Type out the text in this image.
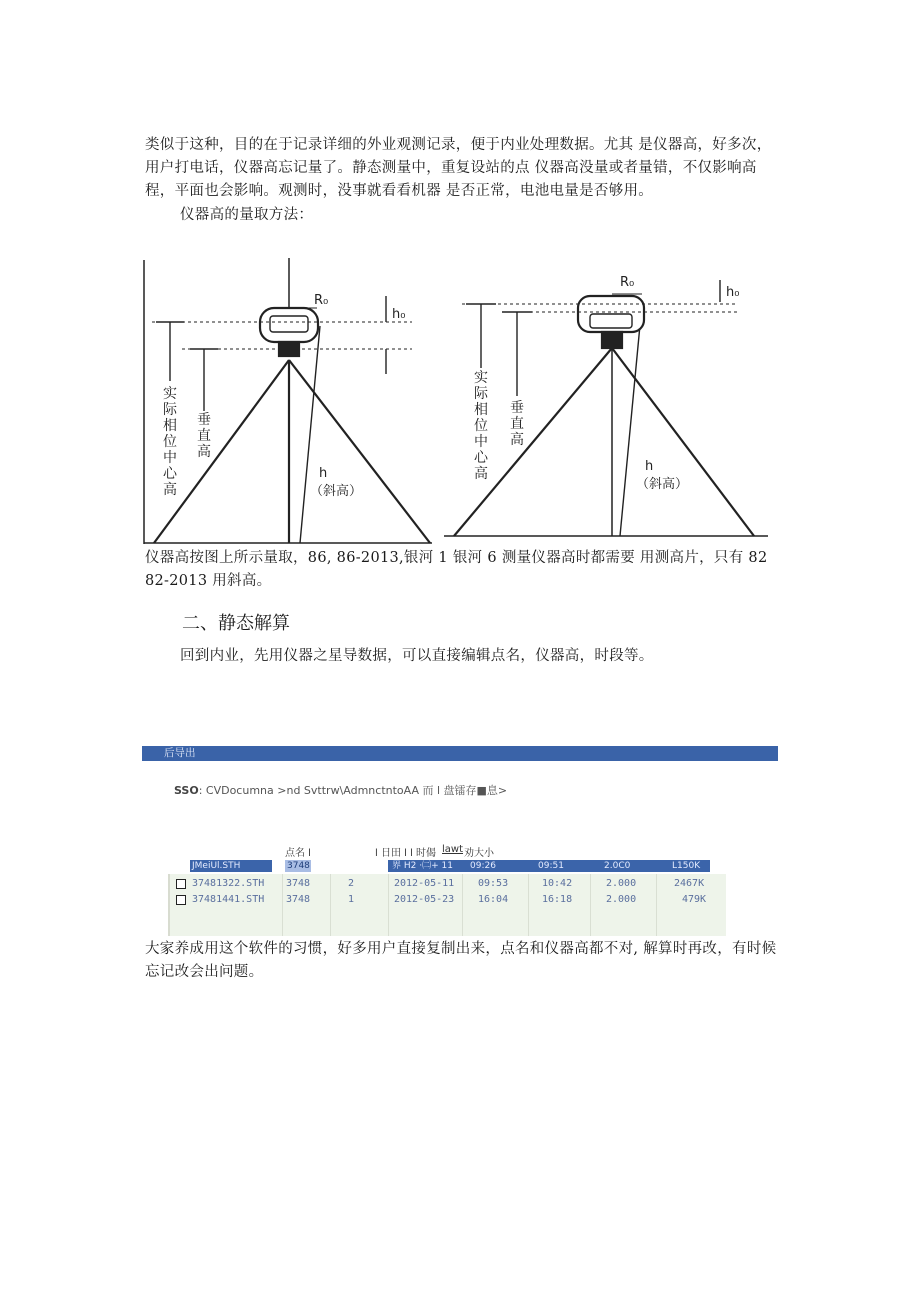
类似于这种，目的在于记录详细的外业观测记录，便于内业处理数据。尤其 是仪器高，好多次，用户打电话，仪器高忘记量了。静态测量中，重复设站的点 仪器高没量或者量错，不仅影响高程，平面也会影响。观测时，没事就看看机器 是否正常，电池电量是否够用。
仪器高的量取方法：
R₀
h₀
h
（斜高）
R₀
h₀
h
（斜高）
实
际
相
位
中
心
高
垂
直
高
实
际
相
位
中
心
高
垂
直
高
仪器高按图上所示量取，86, 86-2013,银河 1 银河 6 测量仪器高时都需要 用测高片，只有 82 82-2013 用斜高。
二、静态解算
回到内业，先用仪器之星导数据，可以直接编辑点名，仪器高，时段等。
后导出
SSO: CVDocumna >nd Svttrw\AdmnctntoAA 而 l 盘镭存■息>
点名 l	l 日田 l l 时偈 lawt 劝大小
JMeiUl.STH	3748	界 H2 ·㈡+ 11 09:26	09:51	2.0C0	L150K
37481322.STH 3748	2	2012-05-11 09:53	10:42	2.000	2467K
37481441.STH 3748	1	2012-05-23 16:04	16:18	2.000	479K
大家养成用这个软件的习惯，好多用户直接复制出来，点名和仪器高都不对, 解算时再改，有时候忘记改会出问题。
